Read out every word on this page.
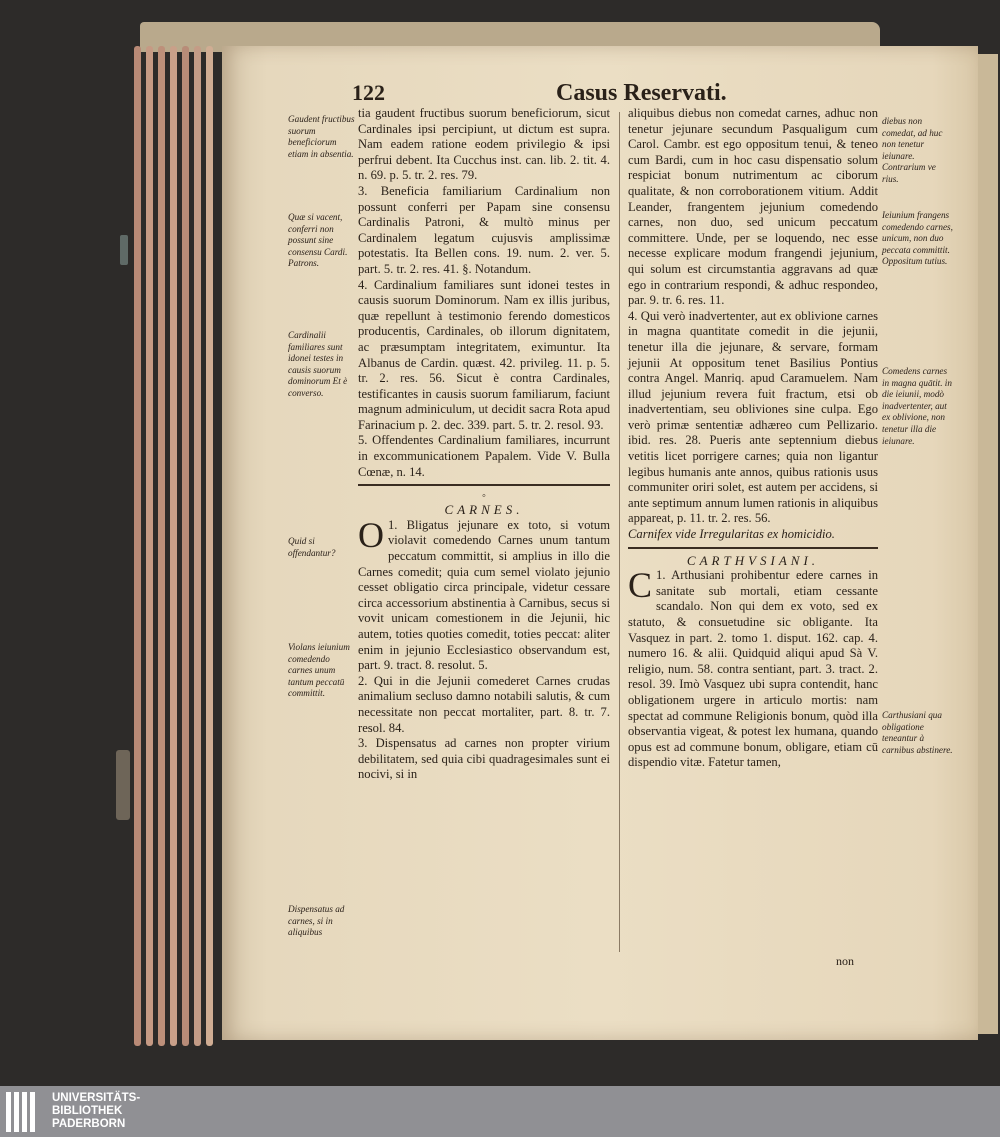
122	Casus Reservati.
Gaudent fructibus suorum beneficiorum etiam in absentia.
Quæ si vacent, conferri non possunt sine consensu Cardi. Patrons.
Cardinalii familiares sunt idonei testes in causis suorum dominorum Et è converso.
Quid si offendantur?
Violans ieiunium comedendo carnes unum tantum peccatū committit.
Dispensatus ad carnes, si in aliquibus
diebus non comedat, ad huc non tenetur ieiunare. Contrarium ve rius.
Ieiunium frangens comedendo carnes, unicum, non duo peccata committit. Oppositum tutius.
Comedens carnes in magna quātit. in die ieiunii, modò inadvertenter, aut ex oblivione, non tenetur illa die ieiunare.
Carthusiani qua obligatione teneantur à carnibus abstinere.

tia gaudent fructibus suorum beneficiorum, sicut Cardinales ipsi percipiunt, ut dictum est supra. Nam eadem ratione eodem privilegio & ipsi perfrui debent. Ita Cucchus inst. can. lib. 2. tit. 4. n. 69. p. 5. tr. 2. res. 79.

3. Beneficia familiarium Cardinalium non possunt conferri per Papam sine consensu Cardinalis Patroni, & multò minus per Cardinalem legatum cujusvis amplissimæ potestatis. Ita Bellen cons. 19. num. 2. ver. 5. part. 5. tr. 2. res. 41. §. Notandum.

4. Cardinalium familiares sunt idonei testes in causis suorum Dominorum. Nam ex illis juribus, quæ repellunt à testimonio ferendo domesticos producentis, Cardinales, ob illorum dignitatem, ac præsumptam integritatem, eximuntur. Ita Albanus de Cardin. quæst. 42. privileg. 11. p. 5. tr. 2. res. 56. Sicut è contra Cardinales, testificantes in causis suorum familiarum, faciunt magnum adminiculum, ut decidit sacra Rota apud Farinacium p. 2. dec. 339. part. 5. tr. 2. resol. 93.

5. Offendentes Cardinalium familiares, incurrunt in excommunicationem Papalem. Vide V. Bulla Cœnæ, n. 14.

◦

CARNES.

O 1. Bligatus jejunare ex toto, si votum violavit comedendo Carnes unum tantum peccatum committit, si amplius in illo die Carnes comedit; quia cum semel violato jejunio cesset obligatio circa principale, videtur cessare circa accessorium abstinentia à Carnibus, secus si vovit unicam comestionem in die Jejunii, hic autem, toties quoties comedit, toties peccat: aliter enim in jejunio Ecclesiastico observandum est, part. 9. tract. 8. resolut. 5.

2. Qui in die Jejunii comederet Carnes crudas animalium secluso damno notabili salutis, & cum necessitate non peccat mortaliter, part. 8. tr. 7. resol. 84.

3. Dispensatus ad carnes non propter virium debilitatem, sed quia cibi quadragesimales sunt ei nocivi, si in

aliquibus diebus non comedat carnes, adhuc non tenetur jejunare secundum Pasqualigum cum Carol. Cambr. est ego oppositum tenui, & teneo cum Bardi, cum in hoc casu dispensatio solum respiciat bonum nutrimentum ac ciborum qualitate, & non corroborationem vitium. Addit Leander, frangentem jejunium comedendo carnes, non duo, sed unicum peccatum committere. Unde, per se loquendo, nec esse necesse explicare modum frangendi jejunium, qui solum est circumstantia aggravans ad quæ ego in contrarium respondi, & adhuc respondeo, par. 9. tr. 6. res. 11.

4. Qui verò inadvertenter, aut ex oblivione carnes in magna quantitate comedit in die jejunii, tenetur illa die jejunare, & servare, formam jejunii At oppositum tenet Basilius Pontius contra Angel. Manriq. apud Caramuelem. Nam illud jejunium revera fuit fractum, etsi ob inadvertentiam, seu obliviones sine culpa. Ego verò primæ sententiæ adhæreo cum Pellizario. ibid. res. 28. Pueris ante septennium diebus vetitis licet porrigere carnes; quia non ligantur legibus humanis ante annos, quibus rationis usus communiter oriri solet, est autem per accidens, si ante septimum annum lumen rationis in aliquibus appareat, p. 11. tr. 2. res. 56.

Carnifex vide Irregularitas ex homicidio.

CARTHVSIANI.

C 1. Arthusiani prohibentur edere carnes in sanitate sub mortali, etiam cessante scandalo. Non qui dem ex voto, sed ex statuto, & consuetudine sic obligante. Ita Vasquez in part. 2. tomo 1. disput. 162. cap. 4. numero 16. & alii. Quidquid aliqui apud Sà V. religio, num. 58. contra sentiant, part. 3. tract. 2. resol. 39. Imò Vasquez ubi supra contendit, hanc obligationem urgere in articulo mortis: nam spectat ad commune Religionis bonum, quòd illa observantia vigeat, & potest lex humana, quando opus est ad commune bonum, obligare, etiam cū dispendio vitæ. Fatetur tamen,

non
UNIVERSITÄTS-
BIBLIOTHEK
PADERBORN
